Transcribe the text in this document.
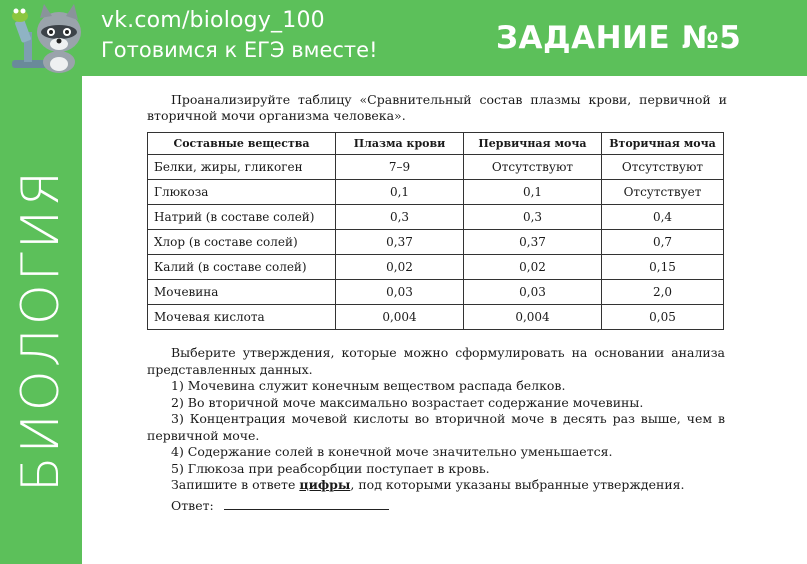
vk.com/biology_100
Готовимся к ЕГЭ вместе!	ЗАДАНИЕ №5
БИОЛОГИЯ

Проанализируйте таблицу «Сравнительный состав плазмы крови, первичной и вторичной мочи организма человека».

Составные вещества	Плазма крови	Первичная моча	Вторичная моча
Белки, жиры, гликоген	7–9	Отсутствуют	Отсутствуют
Глюкоза	0,1	0,1	Отсутствует
Натрий (в составе солей)	0,3	0,3	0,4
Хлор (в составе солей)	0,37	0,37	0,7
Калий (в составе солей)	0,02	0,02	0,15
Мочевина	0,03	0,03	2,0
Мочевая кислота	0,004	0,004	0,05

Выберите утверждения, которые можно сформулировать на основании анализа представленных данных.

1) Мочевина служит конечным веществом распада белков.

2) Во вторичной моче максимально возрастает содержание мочевины.

3) Концентрация мочевой кислоты во вторичной моче в десять раз выше, чем в первичной моче.

4) Содержание солей в конечной моче значительно уменьшается.

5) Глюкоза при реабсорбции поступает в кровь.

Запишите в ответе цифры, под которыми указаны выбранные утверждения.

Ответ:
